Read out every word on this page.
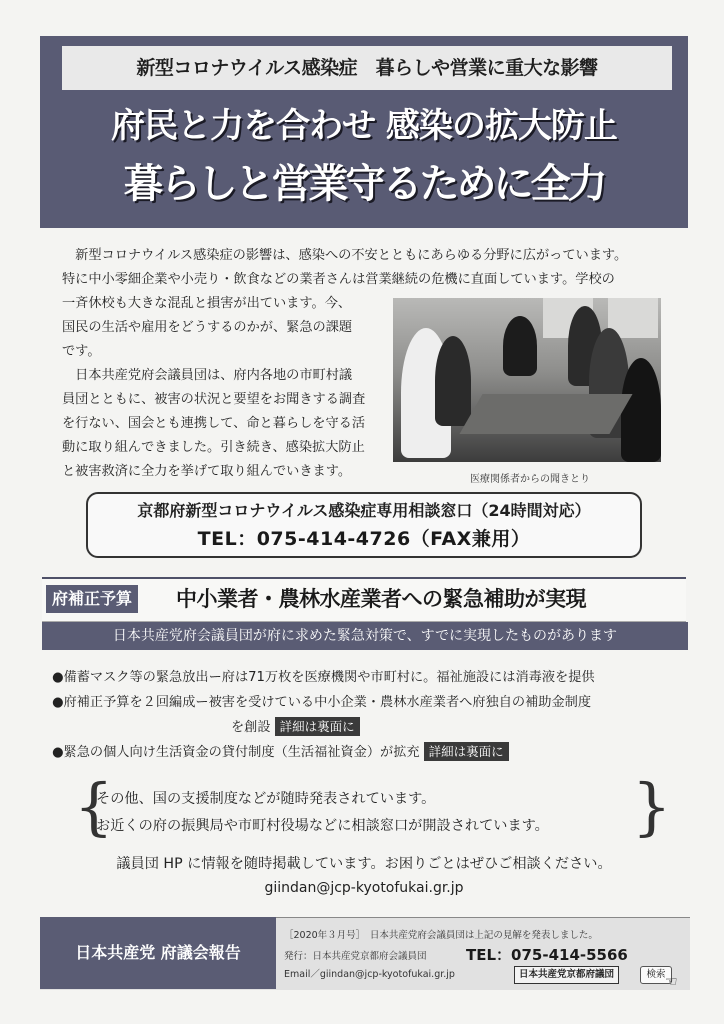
新型コロナウイルス感染症　暮らしや営業に重大な影響
府民と力を合わせ 感染の拡大防止
暮らしと営業守るために全力
　新型コロナウイルス感染症の影響は、感染への不安とともにあらゆる分野に広がっています。
特に中小零細企業や小売り・飲食などの業者さんは営業継続の危機に直面しています。学校の
一斉休校も大きな混乱と損害が出ています。今、
国民の生活や雇用をどうするのかが、緊急の課題
です。
　日本共産党府会議員団は、府内各地の市町村議
員団とともに、被害の状況と要望をお聞きする調査
を行ない、国会とも連携して、命と暮らしを守る活
動に取り組んできました。引き続き、感染拡大防止
と被害救済に全力を挙げて取り組んでいきます。
医療関係者からの聞きとり
京都府新型コロナウイルス感染症専用相談窓口（24時間対応）
TEL：075-414-4726（FAX兼用）
府補正予算 中小業者・農林水産業者への緊急補助が実現
日本共産党府会議員団が府に求めた緊急対策で、すでに実現したものがあります
●備蓄マスク等の緊急放出ー府は71万枚を医療機関や市町村に。福祉施設には消毒液を提供
●府補正予算を２回編成ー被害を受けている中小企業・農林水産業者へ府独自の補助金制度
を創設 詳細は裏面に
●緊急の個人向け生活資金の貸付制度（生活福祉資金）が拡充 詳細は裏面に
{
その他、国の支援制度などが随時発表されています。
お近くの府の振興局や市町村役場などに相談窓口が開設されています。 }
議員団 HP に情報を随時掲載しています。お困りごとはぜひご相談ください。
giindan@jcp-kyotofukai.gr.jp
日本共産党 府議会報告
［2020年３月号］　日本共産党府会議員団は上記の見解を発表しました。
発行：日本共産党京都府会議員団	TEL：075-414-5566
Email／giindan@jcp-kyotofukai.gr.jp	日本共産党京都府議団	検索 ☜
